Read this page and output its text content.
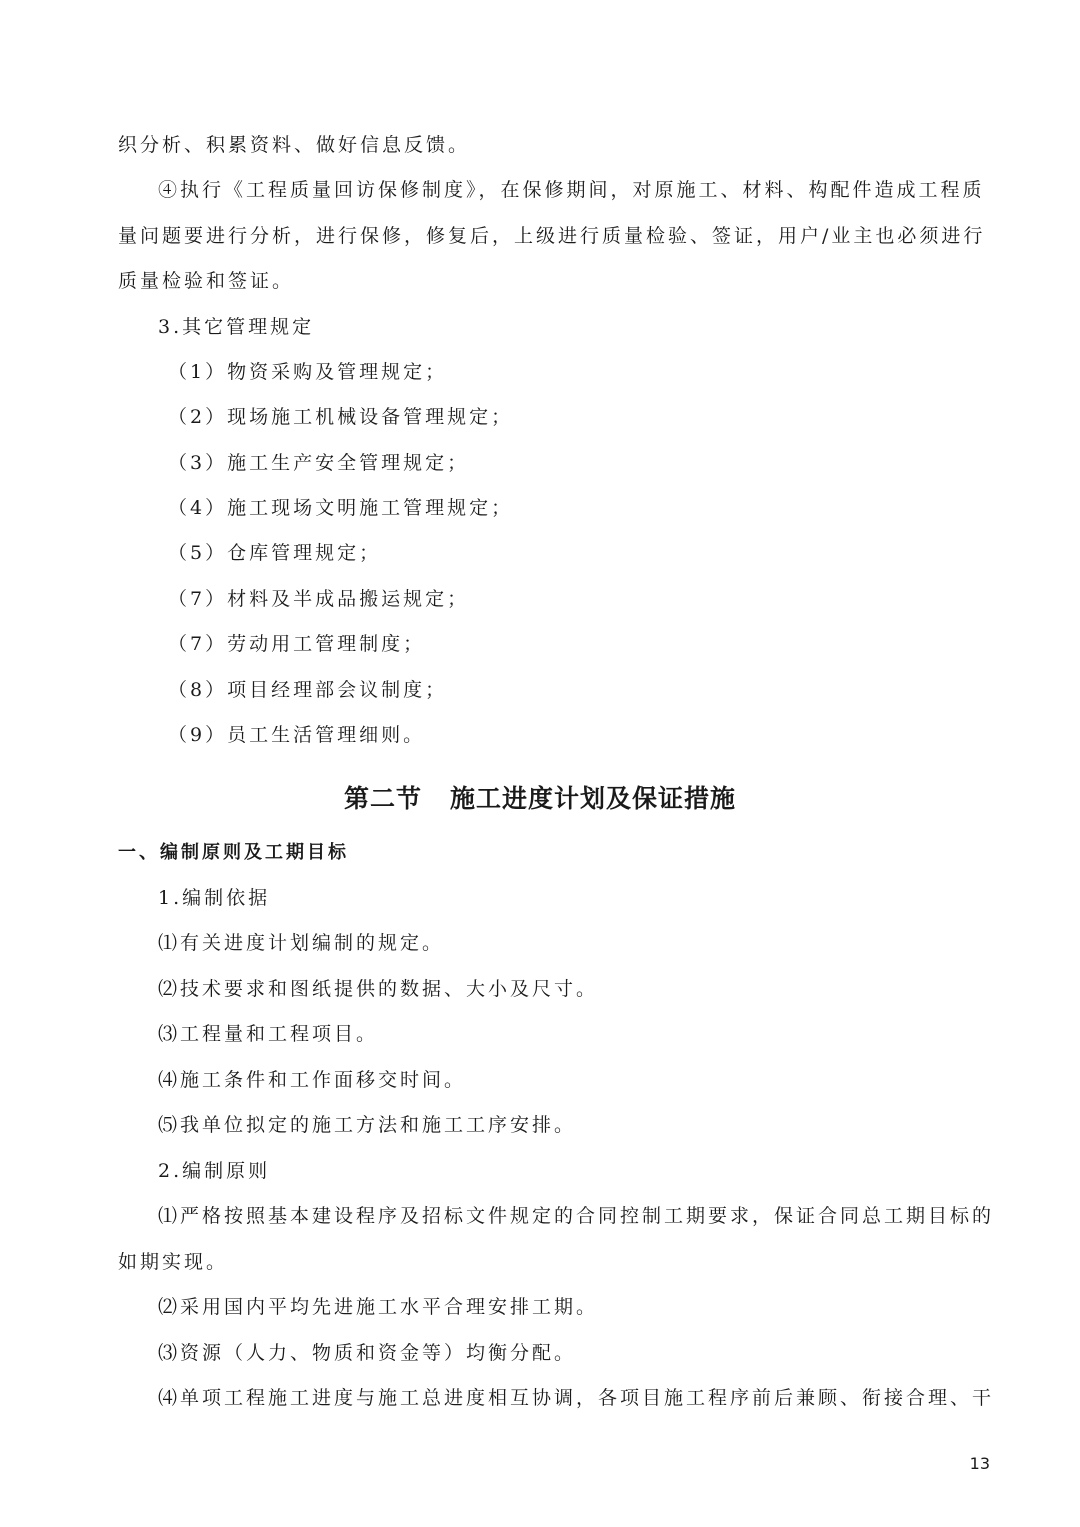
织分析、积累资料、做好信息反馈。

④执行《工程质量回访保修制度》，在保修期间，对原施工、材料、构配件造成工程质

量问题要进行分析，进行保修，修复后，上级进行质量检验、签证，用户/业主也必须进行

质量检验和签证。

3.其它管理规定

（1）物资采购及管理规定；

（2）现场施工机械设备管理规定；

（3）施工生产安全管理规定；

（4）施工现场文明施工管理规定；

（5）仓库管理规定；

（7）材料及半成品搬运规定；

（7）劳动用工管理制度；

（8）项目经理部会议制度；

（9）员工生活管理细则。

第二节 施工进度计划及保证措施
一、编制原则及工期目标

1.编制依据

⑴有关进度计划编制的规定。

⑵技术要求和图纸提供的数据、大小及尺寸。

⑶工程量和工程项目。

⑷施工条件和工作面移交时间。

⑸我单位拟定的施工方法和施工工序安排。

2.编制原则

⑴严格按照基本建设程序及招标文件规定的合同控制工期要求，保证合同总工期目标的

如期实现。

⑵采用国内平均先进施工水平合理安排工期。

⑶资源（人力、物质和资金等）均衡分配。

⑷单项工程施工进度与施工总进度相互协调，各项目施工程序前后兼顾、衔接合理、干

13
